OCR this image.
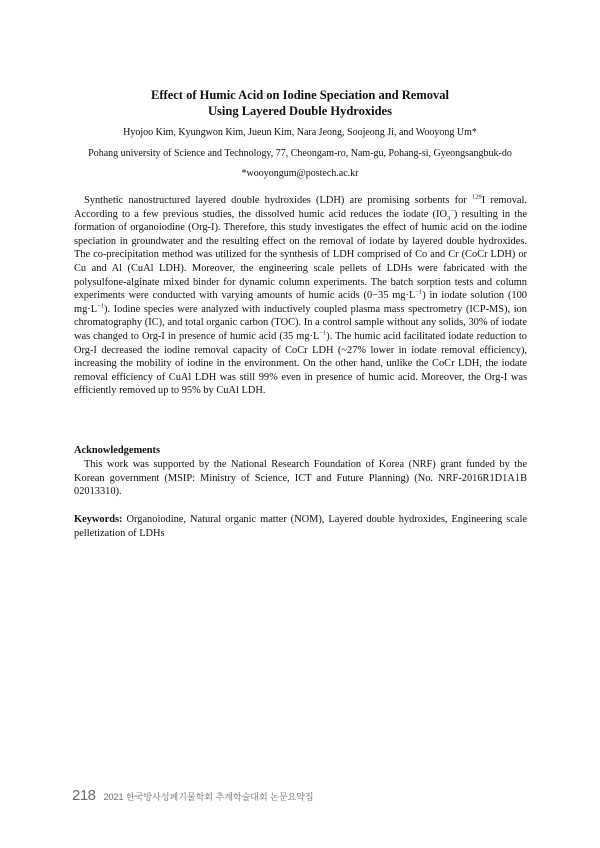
Effect of Humic Acid on Iodine Speciation and Removal
Using Layered Double Hydroxides
Hyojoo Kim, Kyungwon Kim, Jueun Kim, Nara Jeong, Soojeong Ji, and Wooyong Um*
Pohang university of Science and Technology, 77, Cheongam-ro, Nam-gu, Pohang-si, Gyeongsangbuk-do
*wooyongum@postech.ac.kr

Synthetic nanostructured layered double hydroxides (LDH) are promising sorbents for $^{129}$I removal. According to a few previous studies, the dissolved humic acid reduces the iodate $(IO_3^-)$ resulting in the formation of organoiodine (Org-I). Therefore, this study investigates the effect of humic acid on the iodine speciation in groundwater and the resulting effect on the removal of iodate by layered double hydroxides. The co-precipitation method was utilized for the synthesis of LDH comprised of Co and Cr (CoCr LDH) or Cu and Al (CuAl LDH). Moreover, the engineering scale pellets of LDHs were fabricated with the polysulfone-alginate mixed binder for dynamic column experiments. The batch sorption tests and column experiments were conducted with varying amounts of humic acids (0−35 $mg\cdot L^{-1}$) in iodate solution (100 $mg\cdot L^{-1}$). Iodine species were analyzed with inductively coupled plasma mass spectrometry (ICP-MS), ion chromatography (IC), and total organic carbon (TOC). In a control sample without any solids, 30% of iodate was changed to Org-I in presence of humic acid (35 $mg\cdot L^{-1}$). The humic acid facilitated iodate reduction to Org-I decreased the iodine removal capacity of CoCr LDH (~27% lower in iodate removal efficiency), increasing the mobility of iodine in the environment. On the other hand, unlike the CoCr LDH, the iodate removal efficiency of CuAl LDH was still 99% even in presence of humic acid. Moreover, the Org-I was efficiently removed up to 95% by CuAl LDH.

Acknowledgements

This work was supported by the National Research Foundation of Korea (NRF) grant funded by the Korean government (MSIP: Ministry of Science, ICT and Future Planning) (No. NRF-2016R1D1A1B 02013310).

Keywords: Organoiodine, Natural organic matter (NOM), Layered double hydroxides, Engineering scale pelletization of LDHs

218 2021 한국방사성폐기물학회 추계학술대회 논문요약집
